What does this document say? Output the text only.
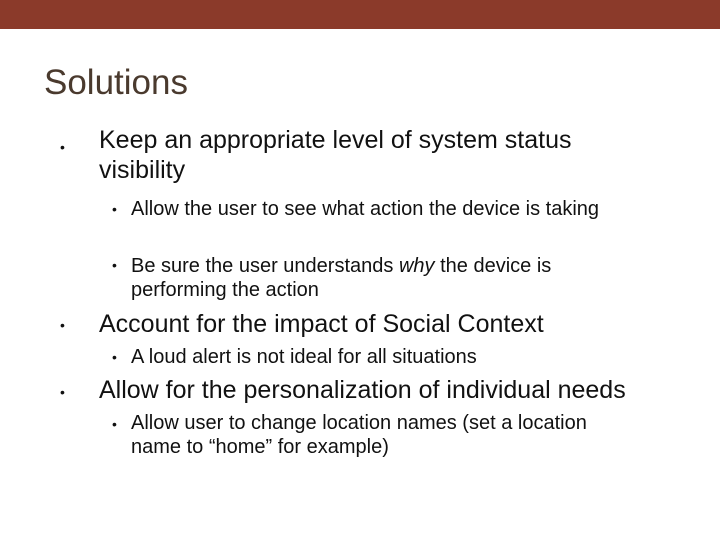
Solutions
• Keep an appropriate level of system status visibility
• Allow the user to see what action the device is taking
• Be sure the user understands why the device is performing the action
• Account for the impact of Social Context
• A loud alert is not ideal for all situations
• Allow for the personalization of individual needs
• Allow user to change location names (set a location name to “home” for example)
